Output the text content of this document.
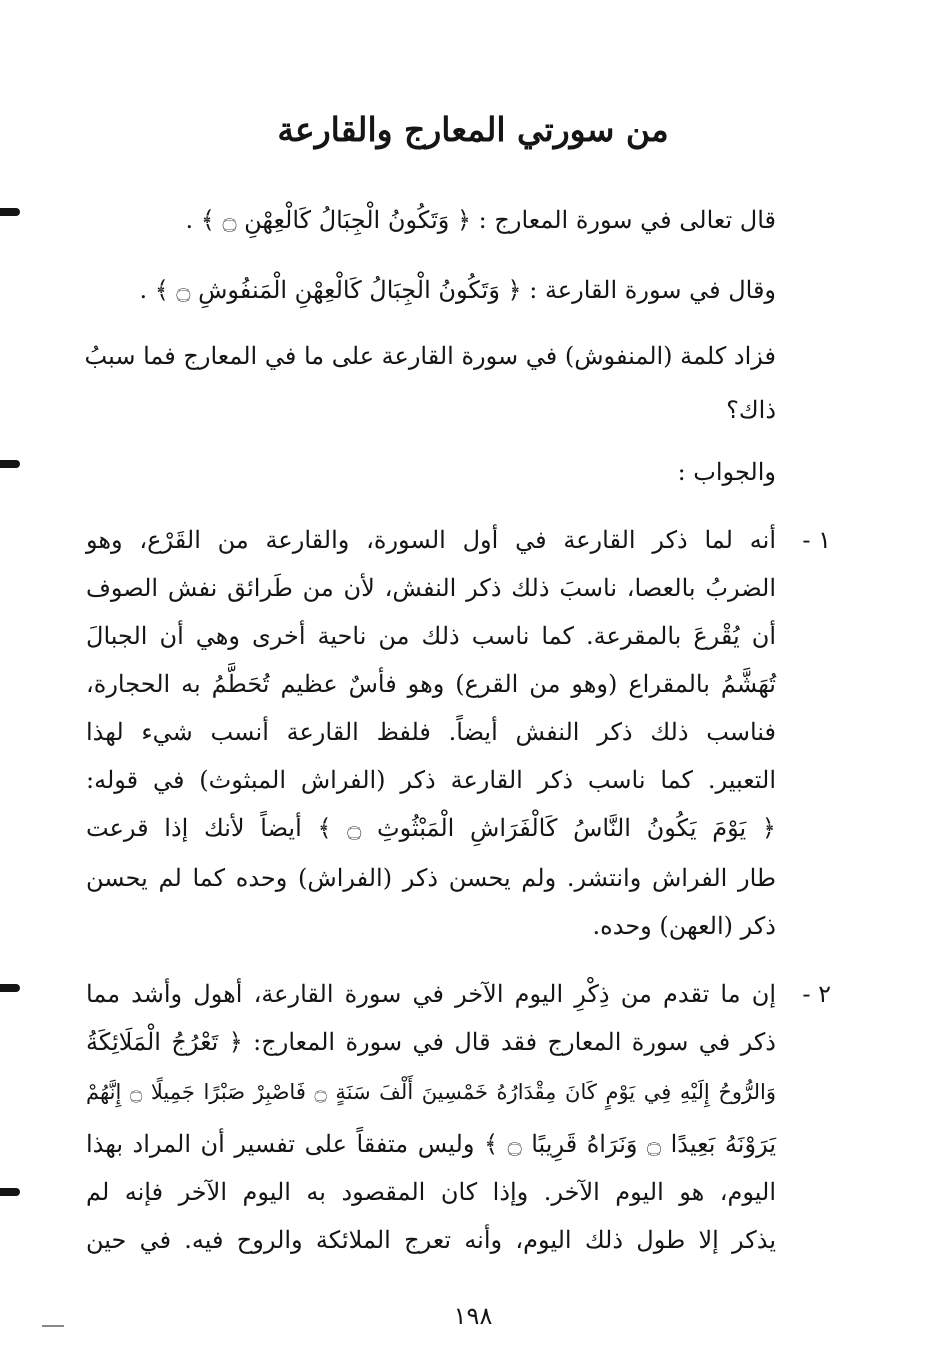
من سورتي المعارج والقارعة
قال تعالى في سورة المعارج : ﴿ وَتَكُونُ الْجِبَالُ كَالْعِهْنِ ۝ ﴾ .
وقال في سورة القارعة : ﴿ وَتَكُونُ الْجِبَالُ كَالْعِهْنِ الْمَنفُوشِ ۝ ﴾ .
فزاد كلمة (المنفوش) في سورة القارعة على ما في المعارج فما سببُ
ذاك؟
والجواب :
١ -
أنه لما ذكر القارعة في أول السورة، والقارعة من القَرْع، وهو
الضربُ بالعصا، ناسبَ ذلك ذكر النفش، لأن من طَرائق نفش الصوف
أن يُقْرعَ بالمقرعة. كما ناسب ذلك من ناحية أخرى وهي أن الجبالَ
تُهَشَّمُ بالمقراع (وهو من القرع) وهو فأسٌ عظيم تُحَطَّمُ به الحجارة،
فناسب ذلك ذكر النفش أيضاً. فلفظ القارعة أنسب شيء لهذا
التعبير. كما ناسب ذكر القارعة ذكر (الفراش المبثوث) في قوله:
﴿ يَوْمَ يَكُونُ النَّاسُ كَالْفَرَاشِ الْمَبْثُوثِ ۝ ﴾ أيضاً لأنك إذا قرعت
طار الفراش وانتشر. ولم يحسن ذكر (الفراش) وحده كما لم يحسن
ذكر (العهن) وحده.
٢ -
إن ما تقدم من ذِكْرِ اليوم الآخر في سورة القارعة، أهول وأشد مما
ذكر في سورة المعارج فقد قال في سورة المعارج: ﴿ تَعْرُجُ الْمَلَائِكَةُ
وَالرُّوحُ إِلَيْهِ فِي يَوْمٍ كَانَ مِقْدَارُهُ خَمْسِينَ أَلْفَ سَنَةٍ ۝ فَاصْبِرْ صَبْرًا جَمِيلًا ۝ إِنَّهُمْ
يَرَوْنَهُ بَعِيدًا ۝ وَنَرَاهُ قَرِيبًا ۝ ﴾ وليس متفقاً على تفسير أن المراد بهذا
اليوم، هو اليوم الآخر. وإذا كان المقصود به اليوم الآخر فإنه لم
يذكر إلا طول ذلك اليوم، وأنه تعرج الملائكة والروح فيه. في حين
١٩٨
